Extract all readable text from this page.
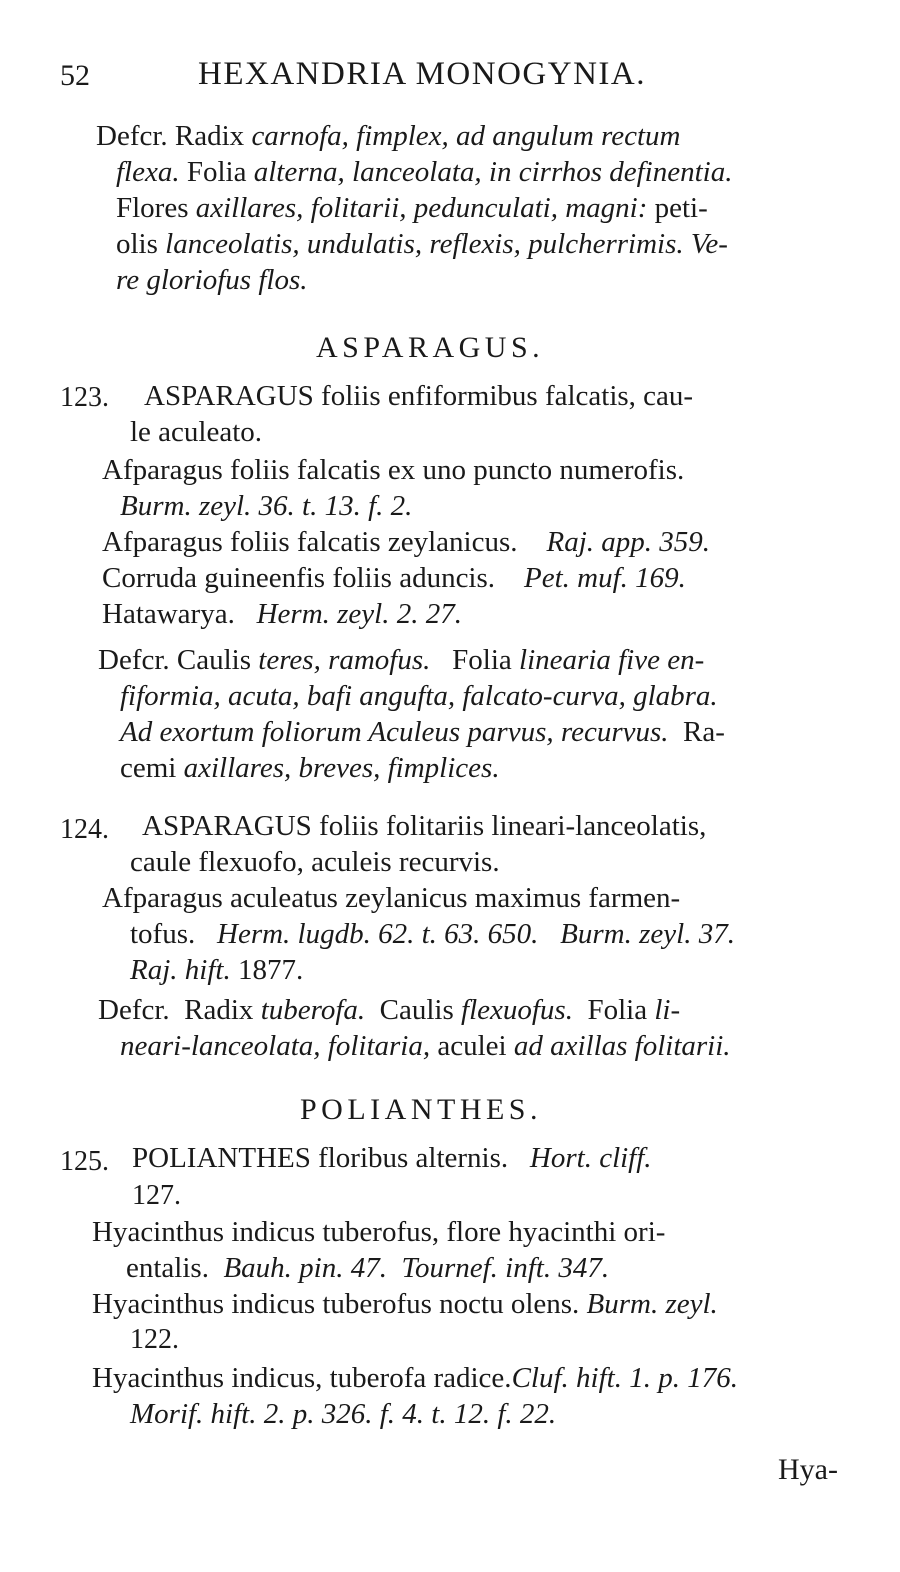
52	HEXANDRIA MONOGYNIA.
Defcr. Radix carnofa, fimplex, ad angulum rectum
flexa. Folia alterna, lanceolata, in cirrhos definentia.
Flores axillares, folitarii, pedunculati, magni: peti-
olis lanceolatis, undulatis, reflexis, pulcherrimis. Ve-
re gloriofus flos.
ASPARAGUS.
123. ASPARAGUS foliis enfiformibus falcatis, cau-
le aculeato.
Afparagus foliis falcatis ex uno puncto numerofis.
Burm. zeyl. 36. t. 13. f. 2.
Afparagus foliis falcatis zeylanicus. Raj. app. 359.
Corruda guineenfis foliis aduncis. Pet. muf. 169.
Hatawarya. Herm. zeyl. 2. 27.
Defcr. Caulis teres, ramofus. Folia linearia five en-
fiformia, acuta, bafi angufta, falcato-curva, glabra.
Ad exortum foliorum Aculeus parvus, recurvus. Ra-
cemi axillares, breves, fimplices.
124. ASPARAGUS foliis folitariis lineari-lanceolatis,
caule flexuofo, aculeis recurvis.
Afparagus aculeatus zeylanicus maximus farmen-
tofus. Herm. lugdb. 62. t. 63. 650. Burm. zeyl. 37.
Raj. hift. 1877.
Defcr. Radix tuberofa. Caulis flexuofus. Folia li-
neari-lanceolata, folitaria, aculei ad axillas folitarii.
POLIANTHES.
125. POLIANTHES floribus alternis. Hort. cliff.
127.
Hyacinthus indicus tuberofus, flore hyacinthi ori-
entalis. Bauh. pin. 47. Tournef. inft. 347.
Hyacinthus indicus tuberofus noctu olens. Burm. zeyl.
122.
Hyacinthus indicus, tuberofa radice.Cluf. hift. 1. p. 176.
Morif. hift. 2. p. 326. f. 4. t. 12. f. 22.
Hya-
